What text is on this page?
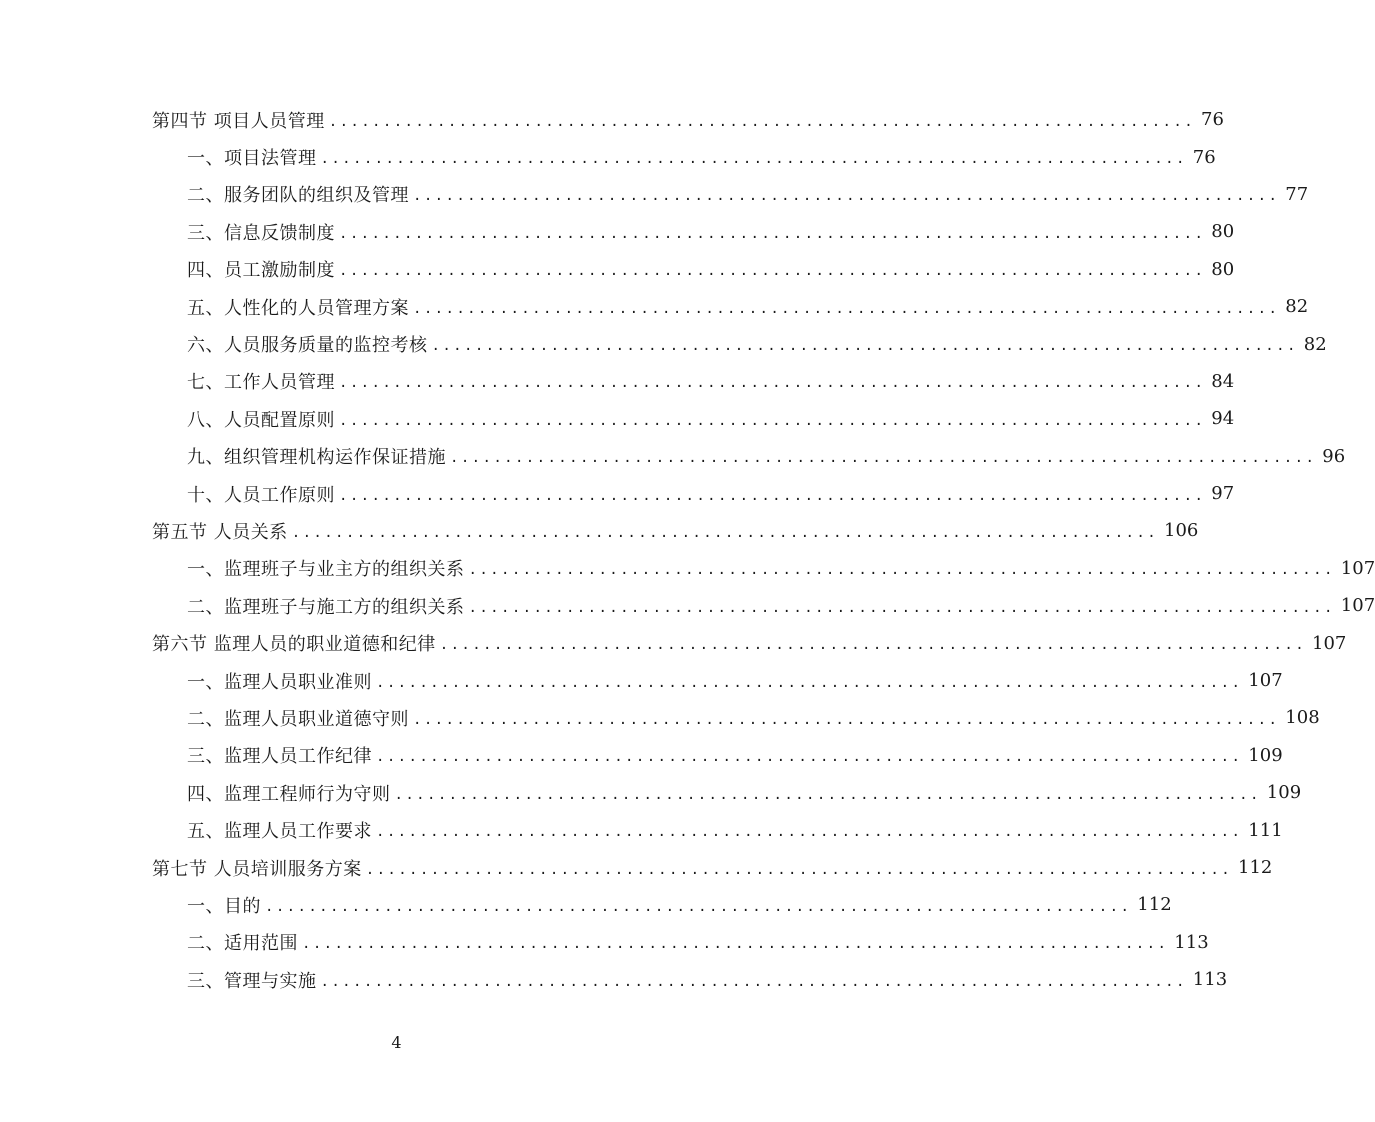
第四节 项目人员管理 ................................................................................ 76
一、项目法管理 ................................................................................ 76
二、服务团队的组织及管理 ................................................................................ 77
三、信息反馈制度 ................................................................................ 80
四、员工激励制度 ................................................................................ 80
五、人性化的人员管理方案 ................................................................................ 82
六、人员服务质量的监控考核 ................................................................................ 82
七、工作人员管理 ................................................................................ 84
八、人员配置原则 ................................................................................ 94
九、组织管理机构运作保证措施 ................................................................................ 96
十、人员工作原则 ................................................................................ 97
第五节 人员关系 ................................................................................ 106
一、监理班子与业主方的组织关系 ................................................................................ 107
二、监理班子与施工方的组织关系 ................................................................................ 107
第六节 监理人员的职业道德和纪律 ................................................................................ 107
一、监理人员职业准则 ................................................................................ 107
二、监理人员职业道德守则 ................................................................................ 108
三、监理人员工作纪律 ................................................................................ 109
四、监理工程师行为守则 ................................................................................ 109
五、监理人员工作要求 ................................................................................ 111
第七节 人员培训服务方案 ................................................................................ 112
一、目的 ................................................................................ 112
二、适用范围 ................................................................................ 113
三、管理与实施 ................................................................................ 113
4
